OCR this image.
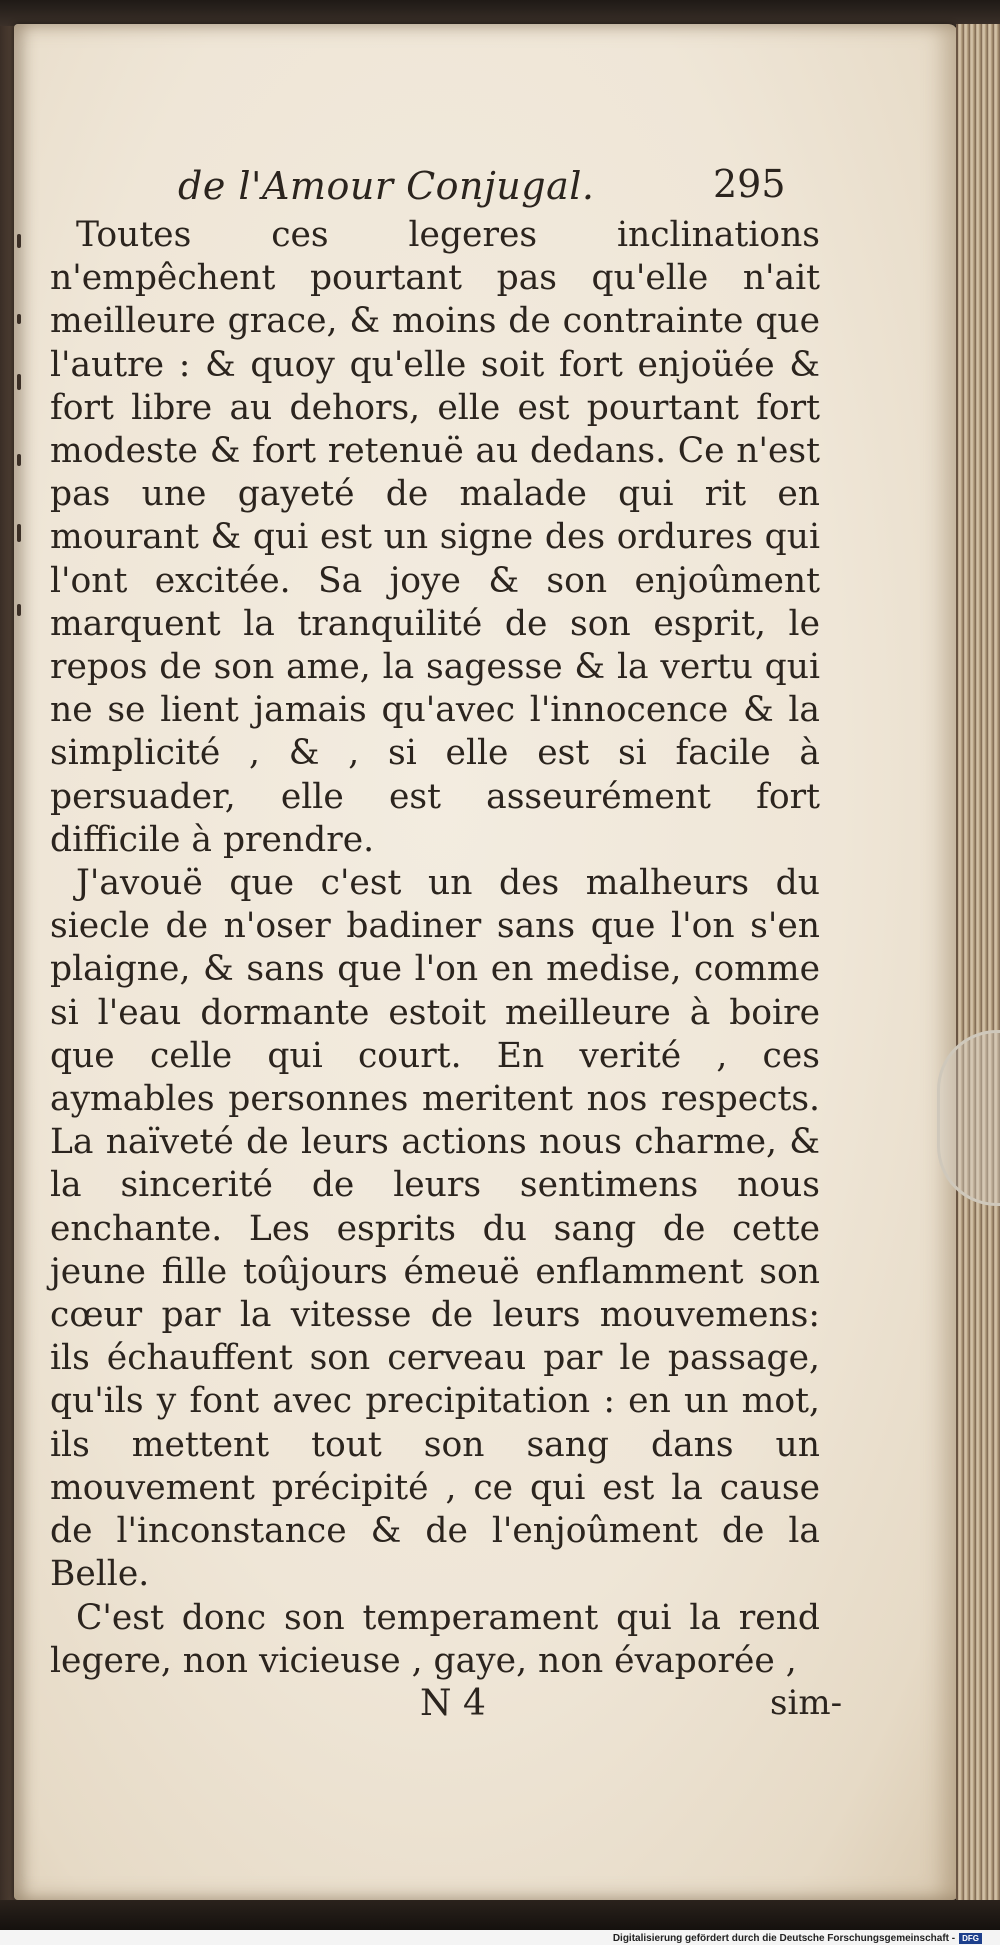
de l'Amour Conjugal.	295

Toutes ces legeres inclinations n'empêchent pourtant pas qu'elle n'ait meilleure grace, & moins de contrainte que l'autre : & quoy qu'elle soit fort enjoüée & fort libre au dehors, elle est pourtant fort modeste & fort retenuë au dedans. Ce n'est pas une gayeté de malade qui rit en mourant & qui est un signe des ordures qui l'ont excitée. Sa joye & son enjoûment marquent la tranquilité de son esprit, le repos de son ame, la sagesse & la vertu qui ne se lient jamais qu'avec l'innocence & la simplicité , & , si elle est si facile à persuader, elle est asseurément fort difficile à prendre.

J'avouë que c'est un des malheurs du siecle de n'oser badiner sans que l'on s'en plaigne, & sans que l'on en medise, comme si l'eau dormante estoit meilleure à boire que celle qui court. En verité , ces aymables personnes meritent nos respects. La naïveté de leurs actions nous charme, & la sincerité de leurs sentimens nous enchante. Les esprits du sang de cette jeune fille toûjours émeuë enflamment son cœur par la vitesse de leurs mouvemens: ils échauffent son cerveau par le passage, qu'ils y font avec precipitation : en un mot, ils mettent tout son sang dans un mouvement précipité , ce qui est la cause de l'inconstance & de l'enjoûment de la Belle.

C'est donc son temperament qui la rend legere, non vicieuse , gaye, non évaporée ,

N 4	sim-
Digitalisierung gefördert durch die Deutsche Forschungsgemeinschaft - DFG
